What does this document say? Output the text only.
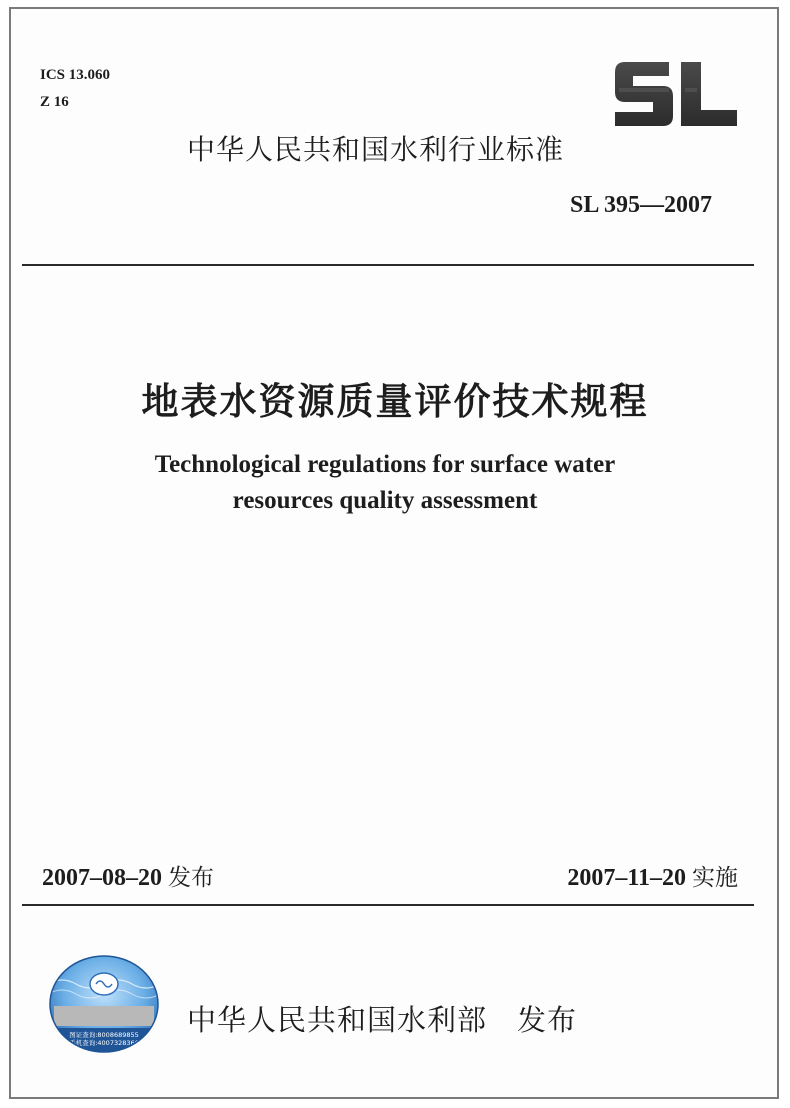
ICS 13.060
Z 16
中华人民共和国水利行业标准
SL 395—2007
地表水资源质量评价技术规程
Technological regulations for surface water
resources quality assessment
2007–08–20 发布	2007–11–20 实施
图证查询:8008689855
手机查询:4007328366
中华人民共和国水利部 发布
